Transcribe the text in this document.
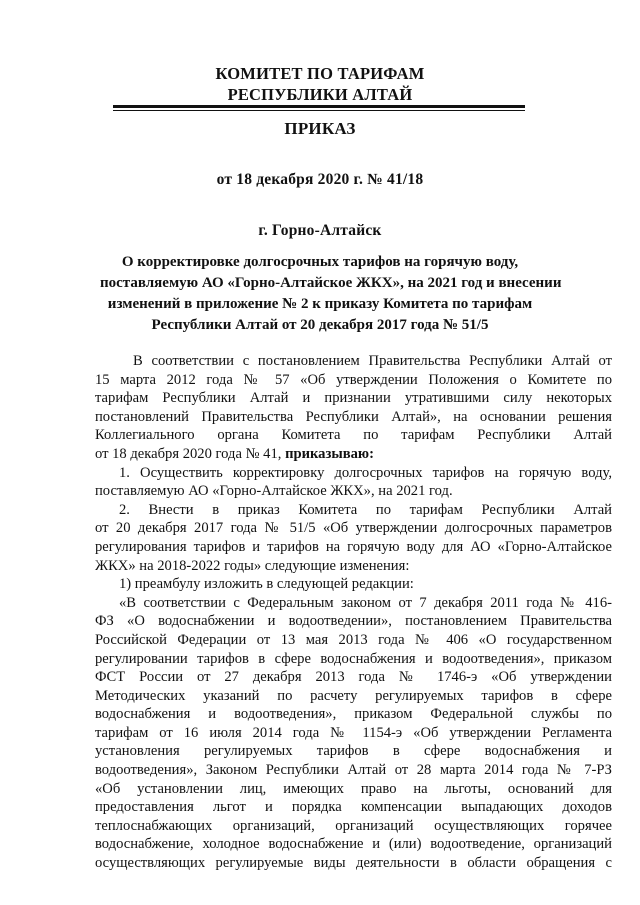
КОМИТЕТ ПО ТАРИФАМ
РЕСПУБЛИКИ АЛТАЙ
ПРИКАЗ
от 18 декабря 2020 г. № 41/18
г. Горно-Алтайск
О корректировке долгосрочных тарифов на горячую воду,
поставляемую АО «Горно-Алтайское ЖКХ», на 2021 год и внесении
изменений в приложение № 2 к приказу Комитета по тарифам
Республики Алтай от 20 декабря 2017 года № 51/5
В соответствии с постановлением Правительства Республики Алтай от
15 марта 2012 года № 57 «Об утверждении Положения о Комитете по
тарифам Республики Алтай и признании утратившими силу некоторых
постановлений Правительства Республики Алтай», на основании решения
Коллегиального органа Комитета по тарифам Республики Алтай
от 18 декабря 2020 года № 41, приказываю:
1. Осуществить корректировку долгосрочных тарифов на горячую воду,
поставляемую АО «Горно-Алтайское ЖКХ», на 2021 год.
2. Внести в приказ Комитета по тарифам Республики Алтай
от 20 декабря 2017 года № 51/5 «Об утверждении долгосрочных параметров
регулирования тарифов и тарифов на горячую воду для АО «Горно-Алтайское
ЖКХ» на 2018-2022 годы» следующие изменения:
1) преамбулу изложить в следующей редакции:
«В соответствии с Федеральным законом от 7 декабря 2011 года № 416-
ФЗ «О водоснабжении и водоотведении», постановлением Правительства
Российской Федерации от 13 мая 2013 года № 406 «О государственном
регулировании тарифов в сфере водоснабжения и водоотведения», приказом
ФСТ России от 27 декабря 2013 года № 1746-э «Об утверждении
Методических указаний по расчету регулируемых тарифов в сфере
водоснабжения и водоотведения», приказом Федеральной службы по
тарифам от 16 июля 2014 года № 1154-э «Об утверждении Регламента
установления регулируемых тарифов в сфере водоснабжения и
водоотведения», Законом Республики Алтай от 28 марта 2014 года № 7-РЗ
«Об установлении лиц, имеющих право на льготы, оснований для
предоставления льгот и порядка компенсации выпадающих доходов
теплоснабжающих организаций, организаций осуществляющих горячее
водоснабжение, холодное водоснабжение и (или) водоотведение, организаций
осуществляющих регулируемые виды деятельности в области обращения с
